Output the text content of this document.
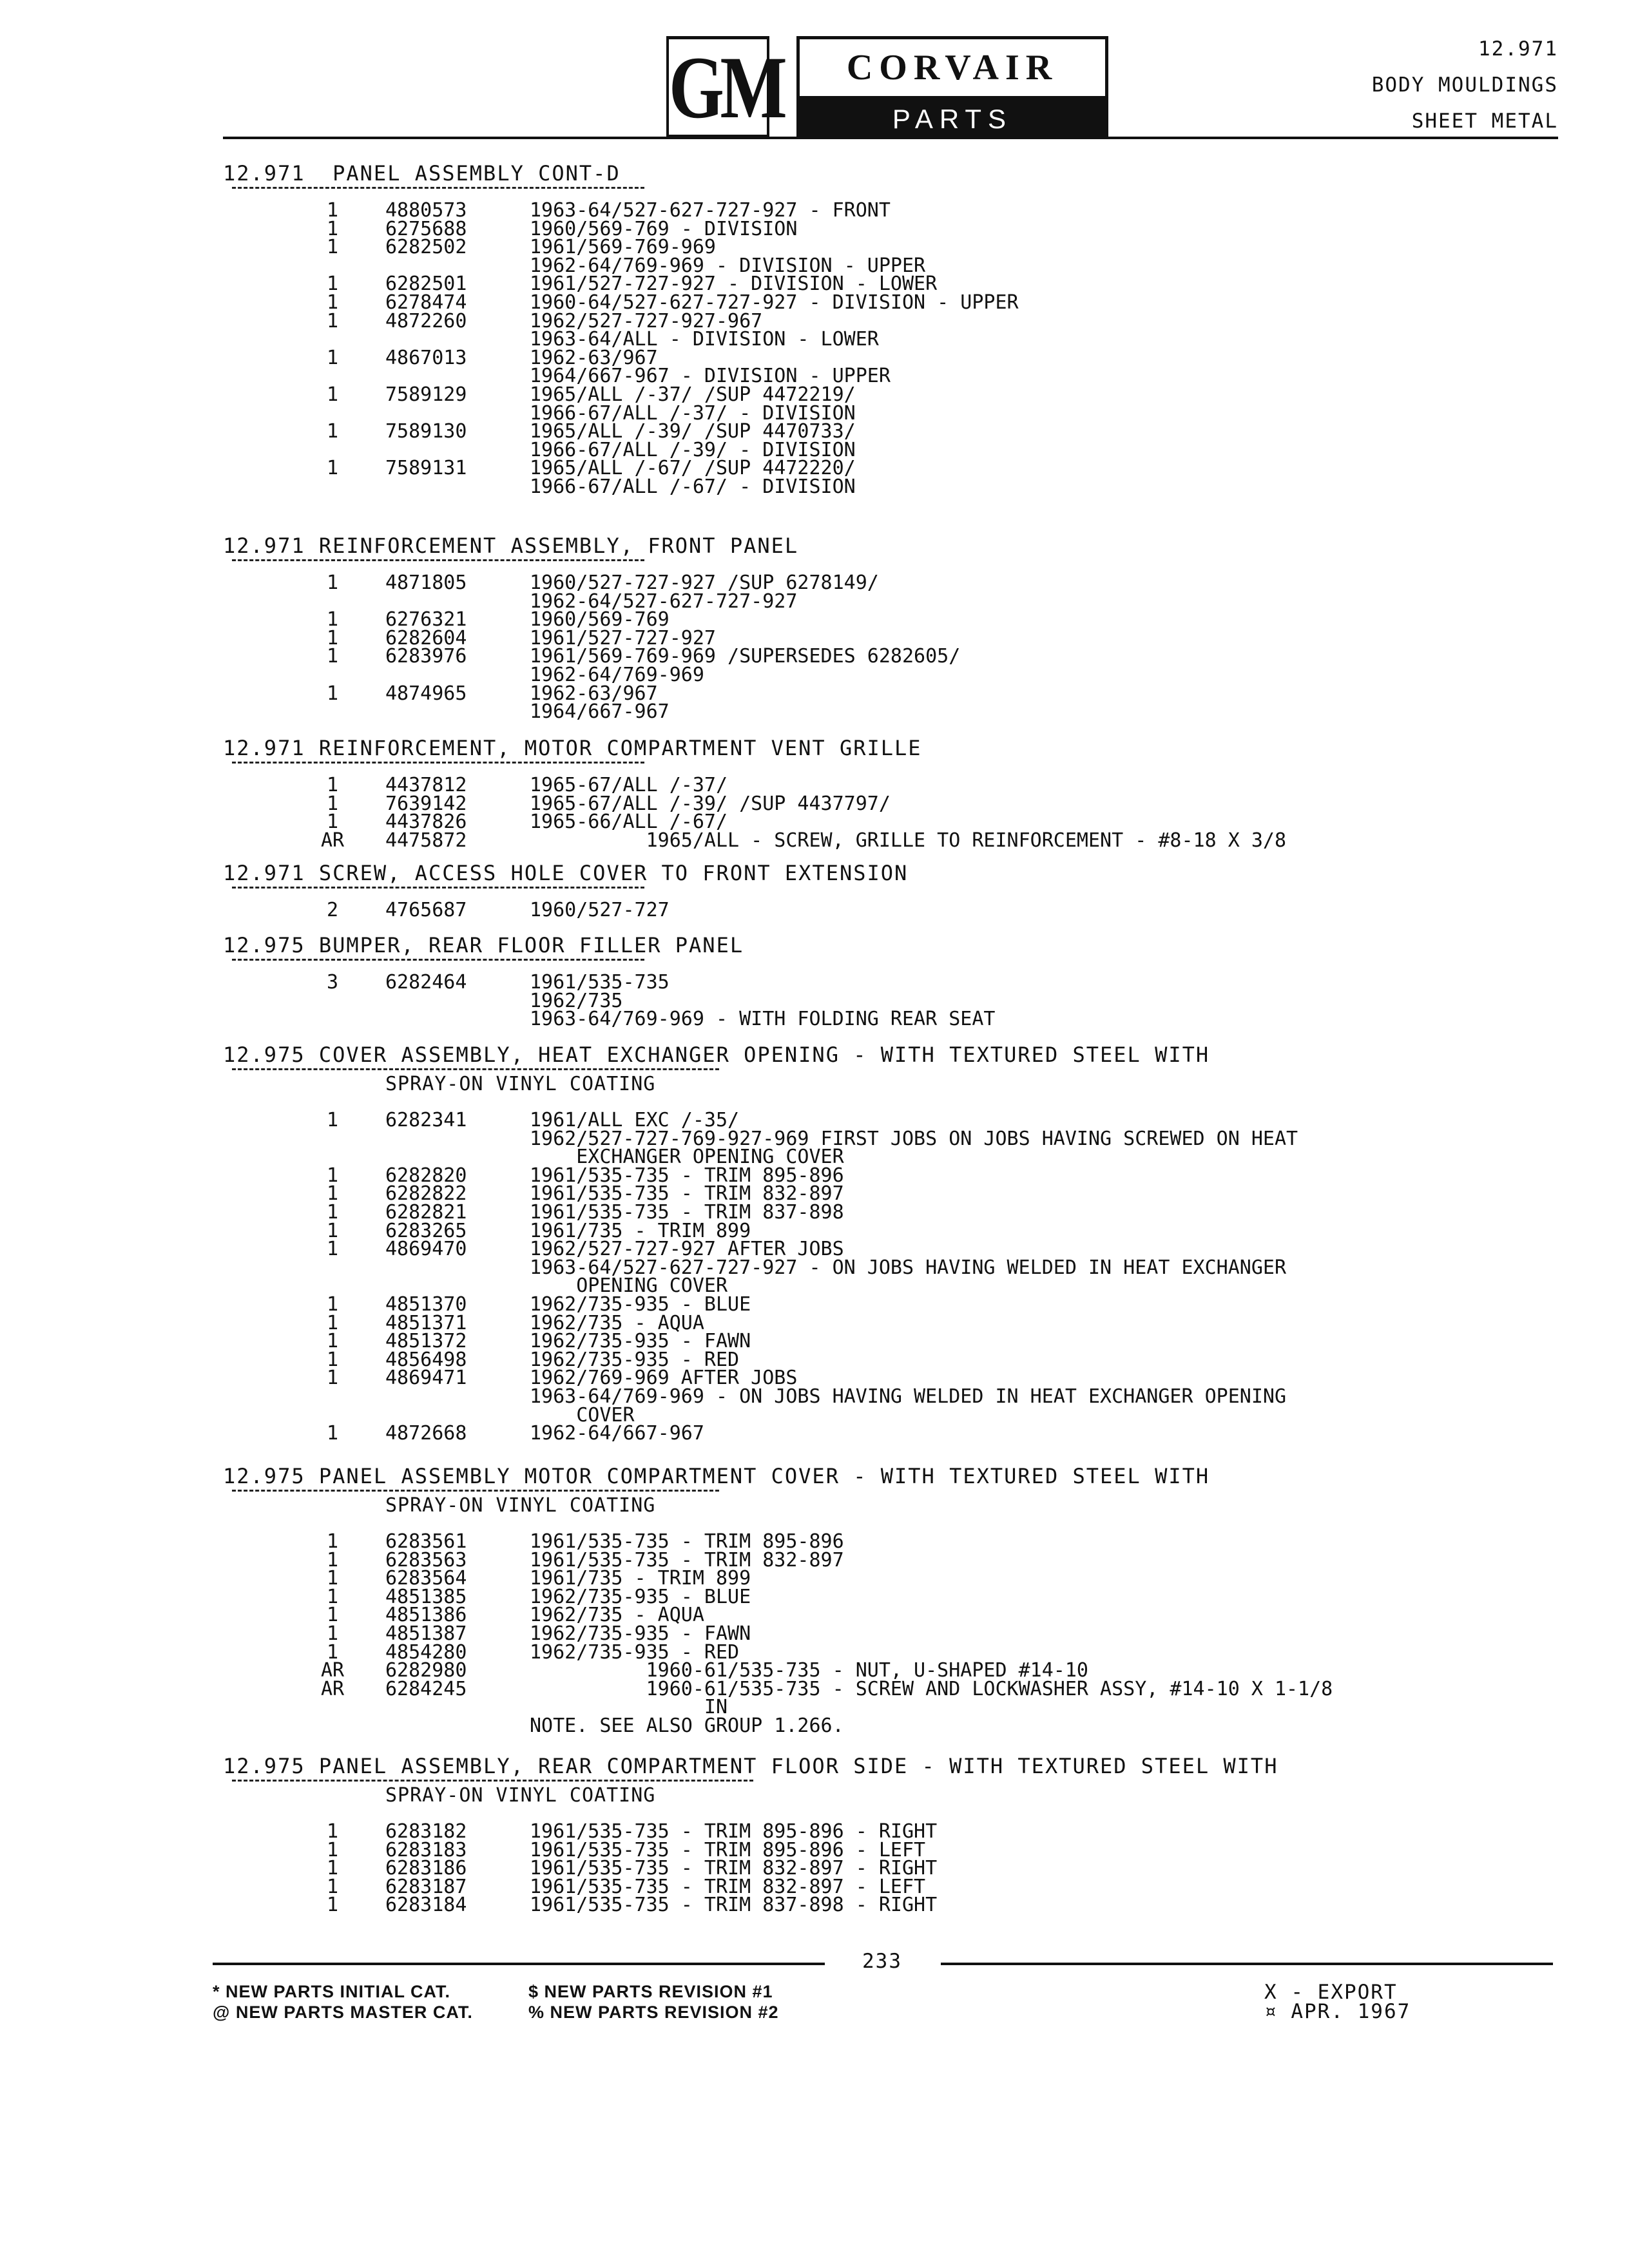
GM	CORVAIR
PARTS CATALOGUE
12.971
BODY MOULDINGS
SHEET METAL
12.971  PANEL ASSEMBLY CONT-D
1	4880573	1963-64/527-627-727-927 - FRONT
1	6275688	1960/569-769 - DIVISION
1	6282502	1961/569-769-969
1962-64/769-969 - DIVISION - UPPER
1	6282501	1961/527-727-927 - DIVISION - LOWER
1	6278474	1960-64/527-627-727-927 - DIVISION - UPPER
1	4872260	1962/527-727-927-967
1963-64/ALL - DIVISION - LOWER
1	4867013	1962-63/967
1964/667-967 - DIVISION - UPPER
1	7589129	1965/ALL /-37/ /SUP 4472219/
1966-67/ALL /-37/ - DIVISION
1	7589130	1965/ALL /-39/ /SUP 4470733/
1966-67/ALL /-39/ - DIVISION
1	7589131	1965/ALL /-67/ /SUP 4472220/
1966-67/ALL /-67/ - DIVISION
12.971 REINFORCEMENT ASSEMBLY, FRONT PANEL
1	4871805	1960/527-727-927 /SUP 6278149/
1962-64/527-627-727-927
1	6276321	1960/569-769
1	6282604	1961/527-727-927
1	6283976	1961/569-769-969 /SUPERSEDES 6282605/
1962-64/769-969
1	4874965	1962-63/967
1964/667-967
12.971 REINFORCEMENT, MOTOR COMPARTMENT VENT GRILLE
1	4437812	1965-67/ALL /-37/
1	7639142	1965-67/ALL /-39/ /SUP 4437797/
1	4437826	1965-66/ALL /-67/
AR	4475872	1965/ALL - SCREW, GRILLE TO REINFORCEMENT - #8-18 X 3/8
12.971 SCREW, ACCESS HOLE COVER TO FRONT EXTENSION
2	4765687	1960/527-727
12.975 BUMPER, REAR FLOOR FILLER PANEL
3	6282464	1961/535-735
1962/735
1963-64/769-969 - WITH FOLDING REAR SEAT
12.975 COVER ASSEMBLY, HEAT EXCHANGER OPENING - WITH TEXTURED STEEL WITH
SPRAY-ON VINYL COATING
1	6282341	1961/ALL EXC /-35/
1962/527-727-769-927-969 FIRST JOBS ON JOBS HAVING SCREWED ON HEAT
EXCHANGER OPENING COVER
1	6282820	1961/535-735 - TRIM 895-896
1	6282822	1961/535-735 - TRIM 832-897
1	6282821	1961/535-735 - TRIM 837-898
1	6283265	1961/735 - TRIM 899
1	4869470	1962/527-727-927 AFTER JOBS
1963-64/527-627-727-927 - ON JOBS HAVING WELDED IN HEAT EXCHANGER
OPENING COVER
1	4851370	1962/735-935 - BLUE
1	4851371	1962/735 - AQUA
1	4851372	1962/735-935 - FAWN
1	4856498	1962/735-935 - RED
1	4869471	1962/769-969 AFTER JOBS
1963-64/769-969 - ON JOBS HAVING WELDED IN HEAT EXCHANGER OPENING
COVER
1	4872668	1962-64/667-967
12.975 PANEL ASSEMBLY MOTOR COMPARTMENT COVER - WITH TEXTURED STEEL WITH
SPRAY-ON VINYL COATING
1	6283561	1961/535-735 - TRIM 895-896
1	6283563	1961/535-735 - TRIM 832-897
1	6283564	1961/735 - TRIM 899
1	4851385	1962/735-935 - BLUE
1	4851386	1962/735 - AQUA
1	4851387	1962/735-935 - FAWN
1	4854280	1962/735-935 - RED
AR	6282980	1960-61/535-735 - NUT, U-SHAPED #14-10
AR	6284245	1960-61/535-735 - SCREW AND LOCKWASHER ASSY, #14-10 X 1-1/8
IN
NOTE. SEE ALSO GROUP 1.266.
12.975 PANEL ASSEMBLY, REAR COMPARTMENT FLOOR SIDE - WITH TEXTURED STEEL WITH
SPRAY-ON VINYL COATING
1	6283182	1961/535-735 - TRIM 895-896 - RIGHT
1	6283183	1961/535-735 - TRIM 895-896 - LEFT
1	6283186	1961/535-735 - TRIM 832-897 - RIGHT
1	6283187	1961/535-735 - TRIM 832-897 - LEFT
1	6283184	1961/535-735 - TRIM 837-898 - RIGHT
233
* NEW PARTS INITIAL CAT.
@ NEW PARTS MASTER CAT.
$ NEW PARTS REVISION #1
% NEW PARTS REVISION #2
X - EXPORT
¤ APR. 1967
